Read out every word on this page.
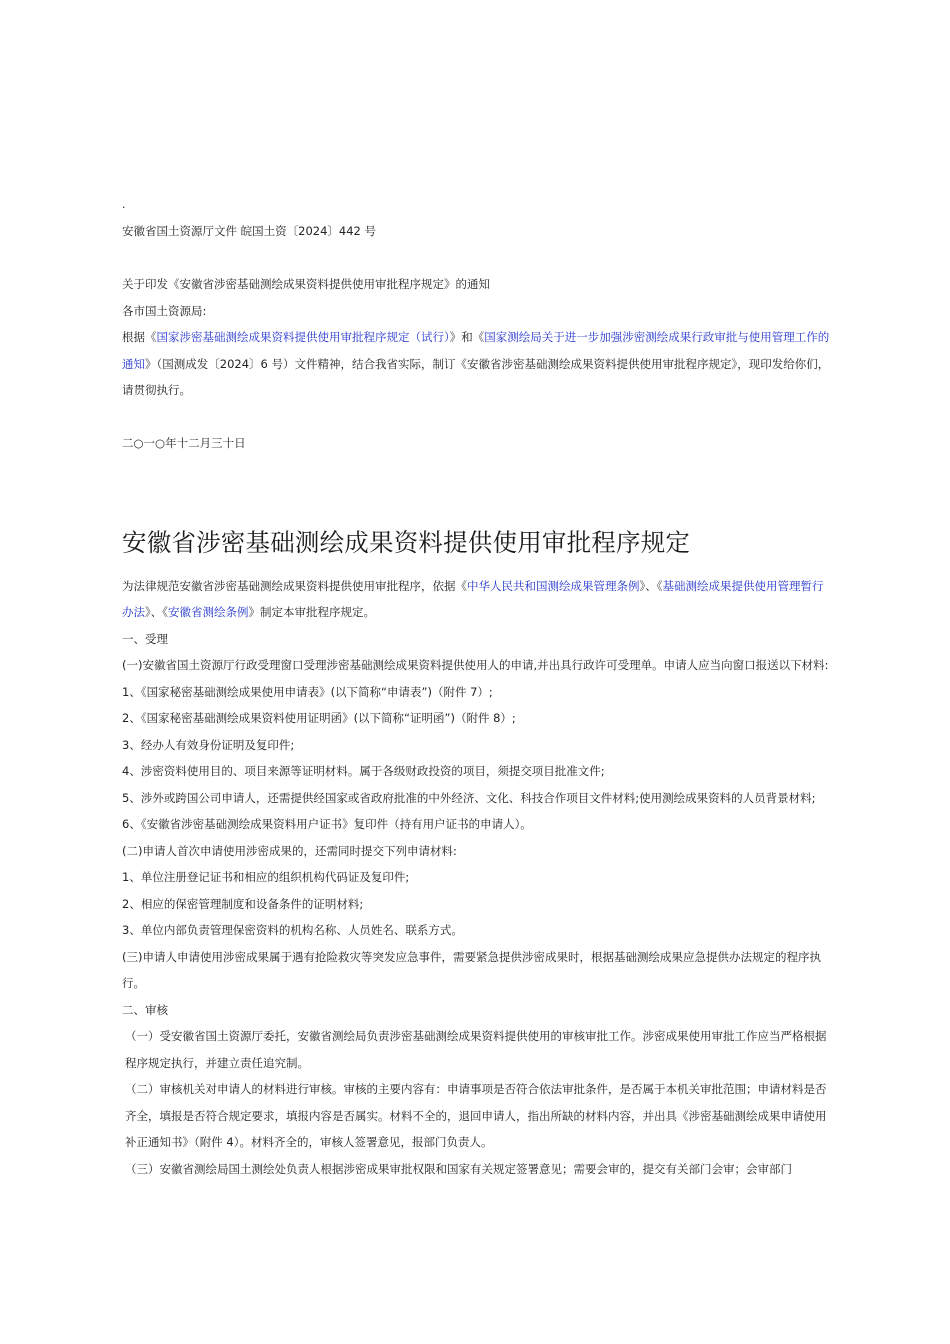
·

安徽省国土资源厅文件 皖国土资〔2024〕442 号

关于印发《安徽省涉密基础测绘成果资料提供使用审批程序规定》的通知

各市国土资源局:

根据《国家涉密基础测绘成果资料提供使用审批程序规定（试行）》和《国家测绘局关于进一步加强涉密测绘成果行政审批与使用管理工作的通知》（国测成发〔2024〕6 号）文件精神，结合我省实际，制订《安徽省涉密基础测绘成果资料提供使用审批程序规定》，现印发给你们，请贯彻执行。

二○一○年十二月三十日

安徽省涉密基础测绘成果资料提供使用审批程序规定

为法律规范安徽省涉密基础测绘成果资料提供使用审批程序，依据《中华人民共和国测绘成果管理条例》、《基础测绘成果提供使用管理暂行办法》、《安徽省测绘条例》制定本审批程序规定。

一、受理

(一)安徽省国土资源厅行政受理窗口受理涉密基础测绘成果资料提供使用人的申请,并出具行政许可受理单。申请人应当向窗口报送以下材料:

1、《国家秘密基础测绘成果使用申请表》(以下简称“申请表”)（附件 7）;

2、《国家秘密基础测绘成果资料使用证明函》(以下简称“证明函”)（附件 8）;

3、经办人有效身份证明及复印件;

4、涉密资料使用目的、项目来源等证明材料。属于各级财政投资的项目，须提交项目批准文件;

5、涉外或跨国公司申请人，还需提供经国家或省政府批准的中外经济、文化、科技合作项目文件材料;使用测绘成果资料的人员背景材料;

6、《安徽省涉密基础测绘成果资料用户证书》复印件（持有用户证书的申请人）。

(二)申请人首次申请使用涉密成果的，还需同时提交下列申请材料:

1、单位注册登记证书和相应的组织机构代码证及复印件;

2、相应的保密管理制度和设备条件的证明材料;

3、单位内部负责管理保密资料的机构名称、人员姓名、联系方式。

(三)申请人申请使用涉密成果属于遇有抢险救灾等突发应急事件，需要紧急提供涉密成果时，根据基础测绘成果应急提供办法规定的程序执行。

二、审核

（一）受安徽省国土资源厅委托，安徽省测绘局负责涉密基础测绘成果资料提供使用的审核审批工作。涉密成果使用审批工作应当严格根据程序规定执行，并建立责任追究制。

（二）审核机关对申请人的材料进行审核。审核的主要内容有：申请事项是否符合依法审批条件，是否属于本机关审批范围；申请材料是否齐全，填报是否符合规定要求，填报内容是否属实。材料不全的，退回申请人，指出所缺的材料内容，并出具《涉密基础测绘成果申请使用补正通知书》（附件 4）。材料齐全的，审核人签署意见，报部门负责人。

（三）安徽省测绘局国土测绘处负责人根据涉密成果审批权限和国家有关规定签署意见；需要会审的，提交有关部门会审；会审部门
